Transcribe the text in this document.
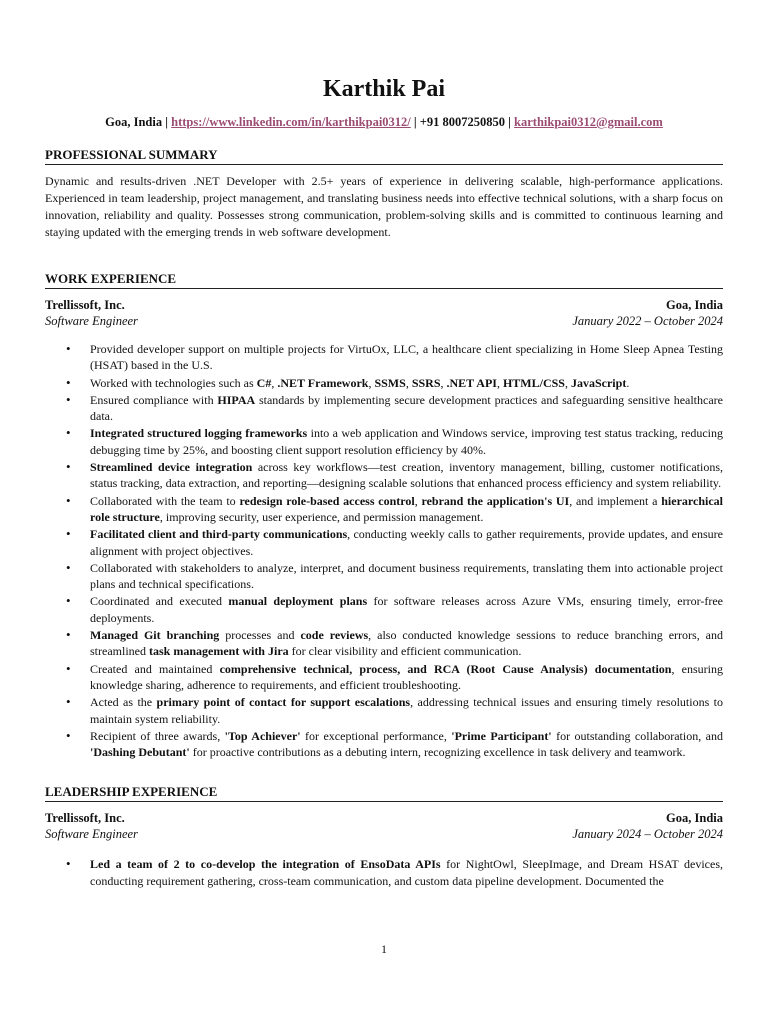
Karthik Pai
Goa, India | https://www.linkedin.com/in/karthikpai0312/ | +91 8007250850 | karthikpai0312@gmail.com
PROFESSIONAL SUMMARY
Dynamic and results-driven .NET Developer with 2.5+ years of experience in delivering scalable, high-performance applications. Experienced in team leadership, project management, and translating business needs into effective technical solutions, with a sharp focus on innovation, reliability and quality. Possesses strong communication, problem-solving skills and is committed to continuous learning and staying updated with the emerging trends in web software development.
WORK EXPERIENCE
Trellissoft, Inc.	Goa, India
Software Engineer	January 2022 – October 2024
• Provided developer support on multiple projects for VirtuOx, LLC, a healthcare client specializing in Home Sleep Apnea Testing (HSAT) based in the U.S.
• Worked with technologies such as C#, .NET Framework, SSMS, SSRS, .NET API, HTML/CSS, JavaScript.
• Ensured compliance with HIPAA standards by implementing secure development practices and safeguarding sensitive healthcare data.
• Integrated structured logging frameworks into a web application and Windows service, improving test status tracking, reducing debugging time by 25%, and boosting client support resolution efficiency by 40%.
• Streamlined device integration across key workflows—test creation, inventory management, billing, customer notifications, status tracking, data extraction, and reporting—designing scalable solutions that enhanced process efficiency and system reliability.
• Collaborated with the team to redesign role-based access control, rebrand the application's UI, and implement a hierarchical role structure, improving security, user experience, and permission management.
• Facilitated client and third-party communications, conducting weekly calls to gather requirements, provide updates, and ensure alignment with project objectives.
• Collaborated with stakeholders to analyze, interpret, and document business requirements, translating them into actionable project plans and technical specifications.
• Coordinated and executed manual deployment plans for software releases across Azure VMs, ensuring timely, error-free deployments.
• Managed Git branching processes and code reviews, also conducted knowledge sessions to reduce branching errors, and streamlined task management with Jira for clear visibility and efficient communication.
• Created and maintained comprehensive technical, process, and RCA (Root Cause Analysis) documentation, ensuring knowledge sharing, adherence to requirements, and efficient troubleshooting.
• Acted as the primary point of contact for support escalations, addressing technical issues and ensuring timely resolutions to maintain system reliability.
• Recipient of three awards, 'Top Achiever' for exceptional performance, 'Prime Participant' for outstanding collaboration, and 'Dashing Debutant' for proactive contributions as a debuting intern, recognizing excellence in task delivery and teamwork.
LEADERSHIP EXPERIENCE
Trellissoft, Inc.	Goa, India
Software Engineer	January 2024 – October 2024
• Led a team of 2 to co-develop the integration of EnsoData APIs for NightOwl, SleepImage, and Dream HSAT devices, conducting requirement gathering, cross-team communication, and custom data pipeline development. Documented the
1
